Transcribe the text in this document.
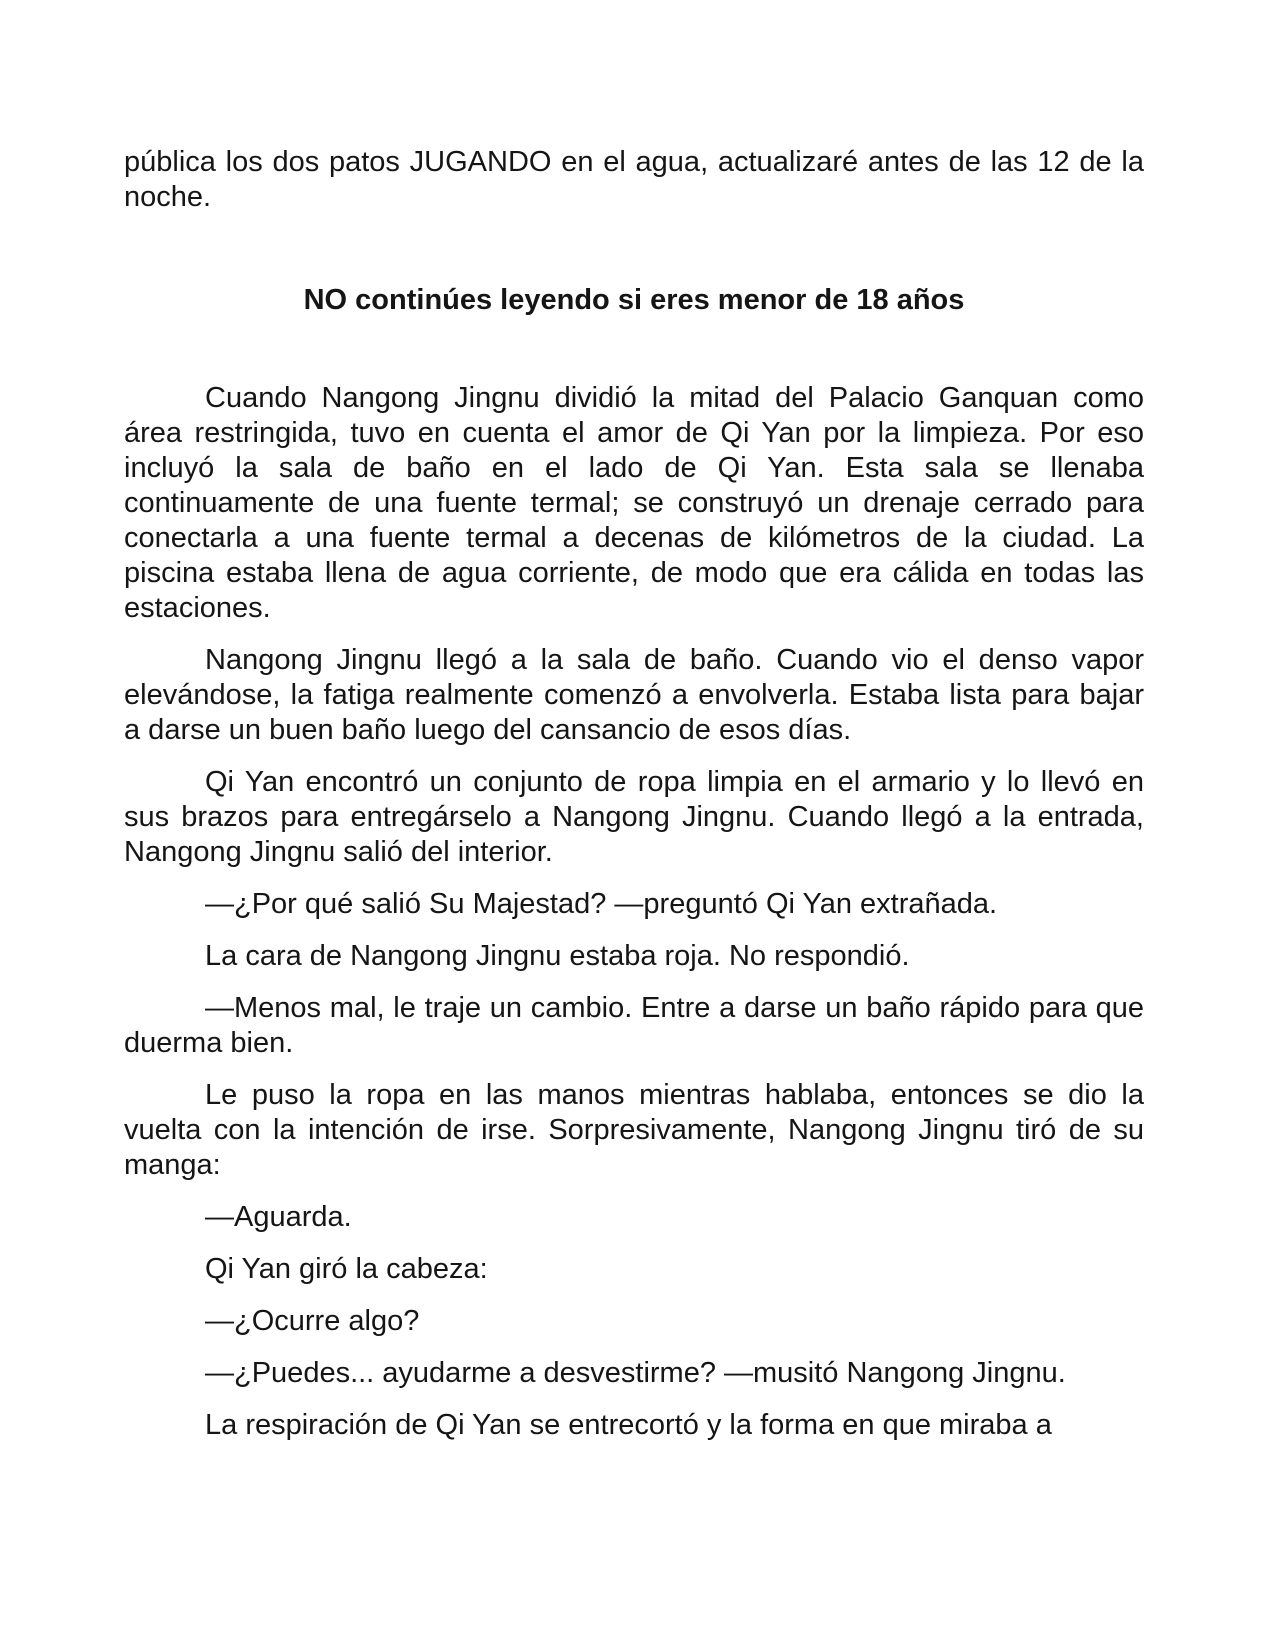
pública los dos patos JUGANDO en el agua, actualizaré antes de las 12 de la noche.

NO continúes leyendo si eres menor de 18 años

Cuando Nangong Jingnu dividió la mitad del Palacio Ganquan como área restringida, tuvo en cuenta el amor de Qi Yan por la limpieza. Por eso incluyó la sala de baño en el lado de Qi Yan. Esta sala se llenaba continuamente de una fuente termal; se construyó un drenaje cerrado para conectarla a una fuente termal a decenas de kilómetros de la ciudad. La piscina estaba llena de agua corriente, de modo que era cálida en todas las estaciones.

Nangong Jingnu llegó a la sala de baño. Cuando vio el denso vapor elevándose, la fatiga realmente comenzó a envolverla. Estaba lista para bajar a darse un buen baño luego del cansancio de esos días.

Qi Yan encontró un conjunto de ropa limpia en el armario y lo llevó en sus brazos para entregárselo a Nangong Jingnu. Cuando llegó a la entrada, Nangong Jingnu salió del interior.

—¿Por qué salió Su Majestad? —preguntó Qi Yan extrañada.

La cara de Nangong Jingnu estaba roja. No respondió.

—Menos mal, le traje un cambio. Entre a darse un baño rápido para que duerma bien.

Le puso la ropa en las manos mientras hablaba, entonces se dio la vuelta con la intención de irse. Sorpresivamente, Nangong Jingnu tiró de su manga:

—Aguarda.

Qi Yan giró la cabeza:

—¿Ocurre algo?

—¿Puedes... ayudarme a desvestirme? —musitó Nangong Jingnu.

La respiración de Qi Yan se entrecortó y la forma en que miraba a
